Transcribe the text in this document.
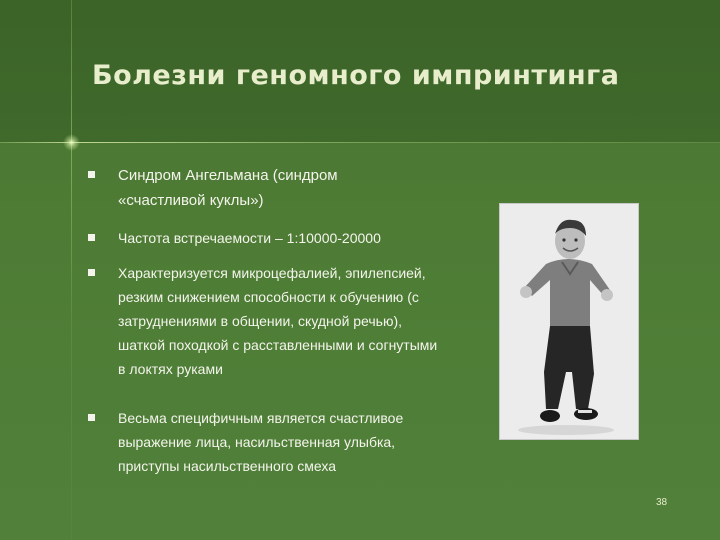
Болезни геномного импринтинга
Синдром Ангельмана (синдром «счастливой куклы»)
Частота встречаемости – 1:10000-20000
Характеризуется микроцефалией, эпилепсией, резким снижением способности к обучению (с затруднениями в общении, скудной речью), шаткой походкой с расставленными и согнутыми в локтях руками
Весьма специфичным является счастливое выражение лица, насильственная улыбка, приступы насильственного смеха
38
